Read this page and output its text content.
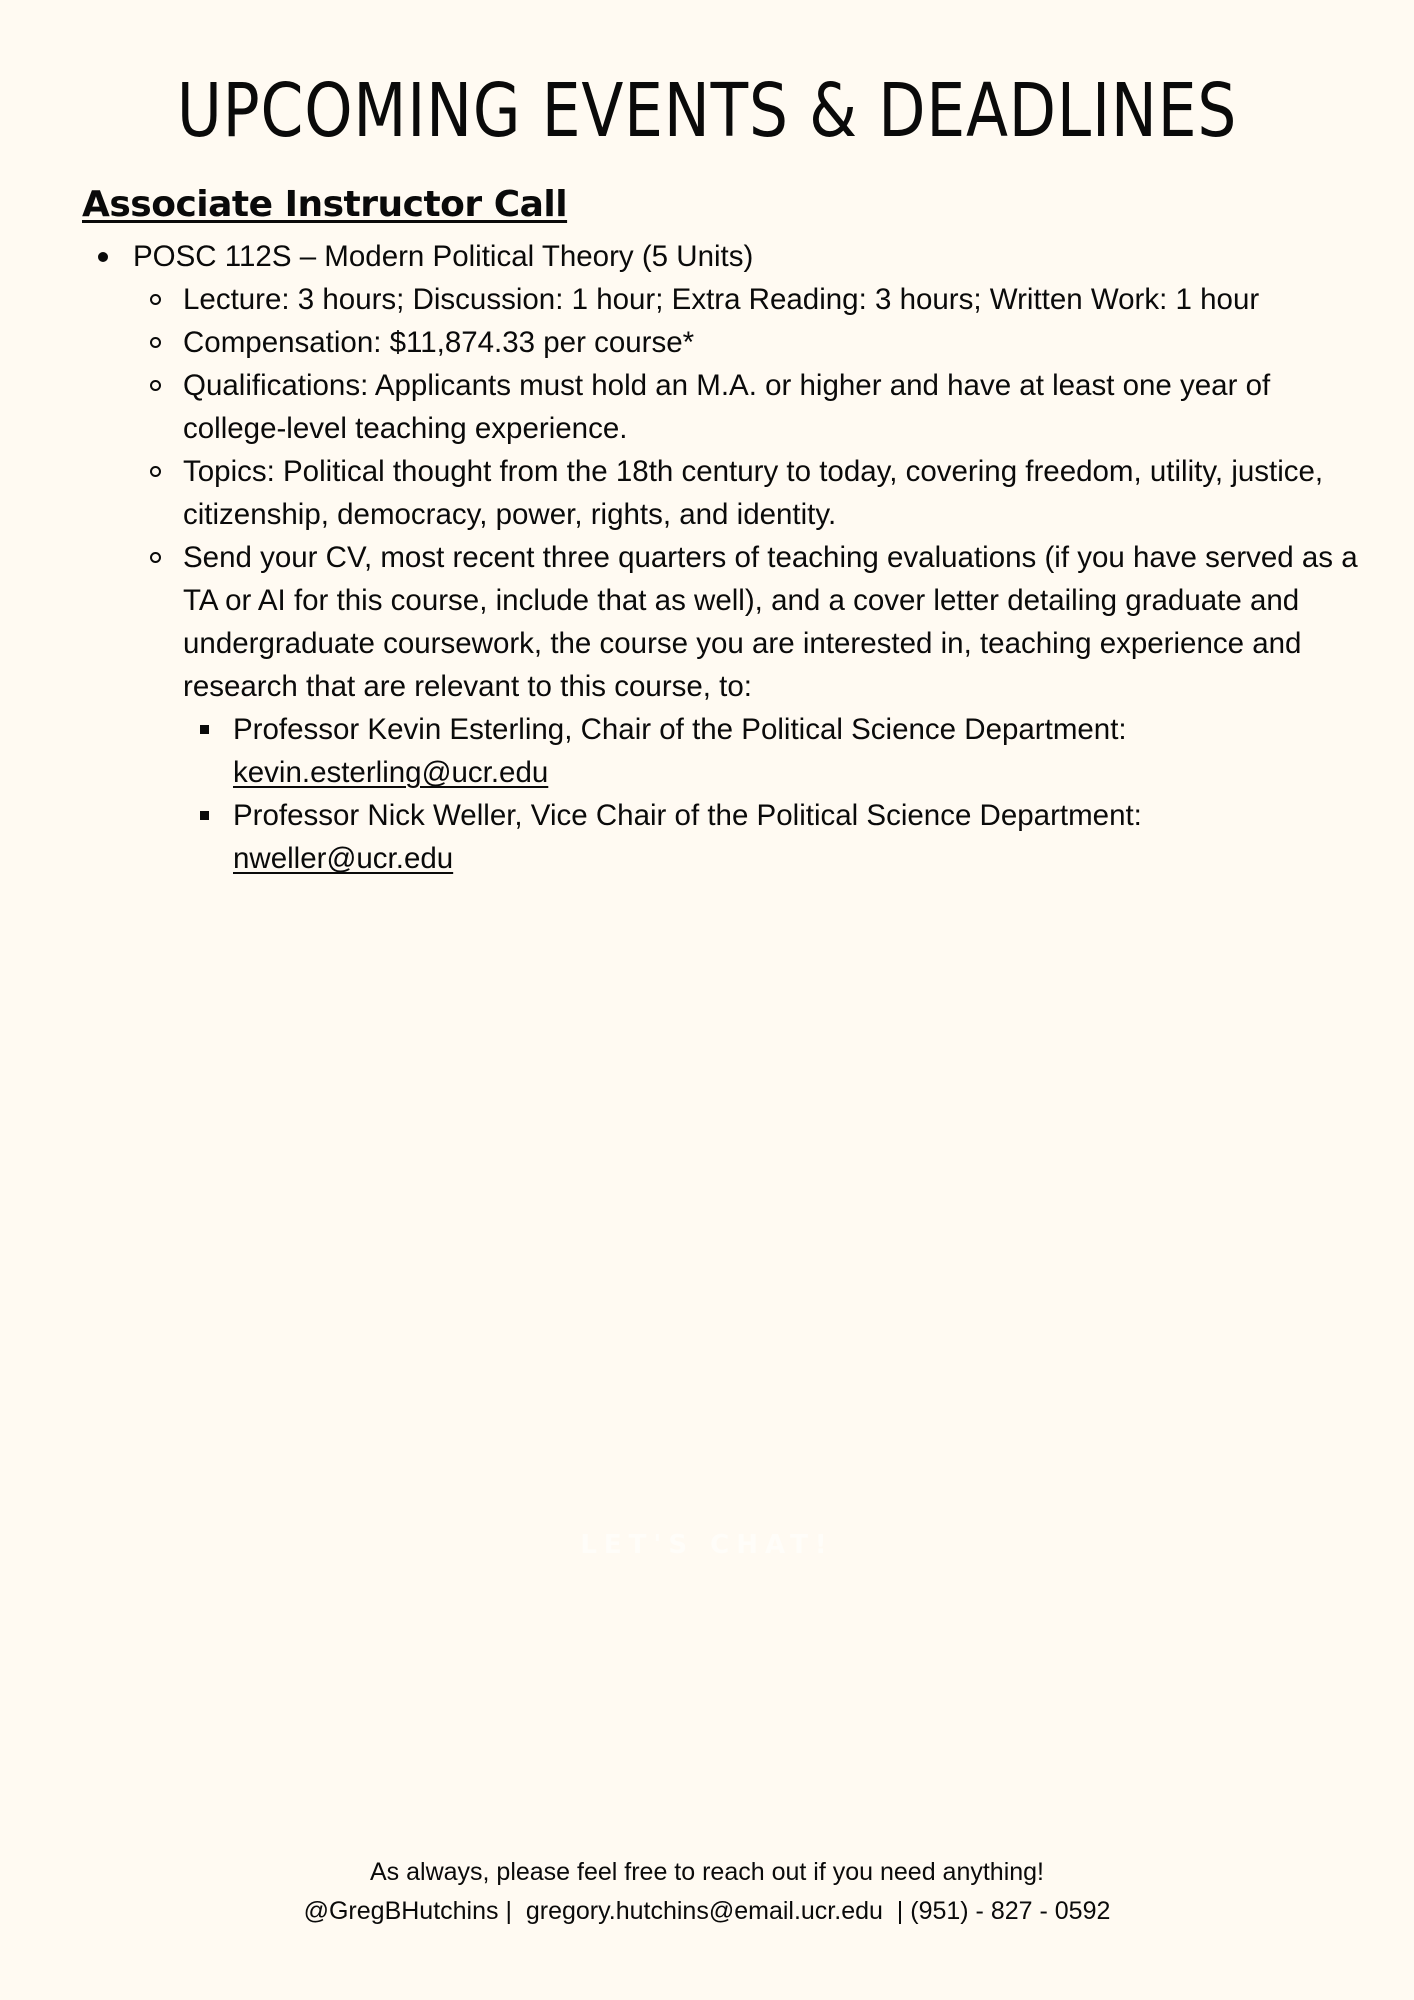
UPCOMING EVENTS & DEADLINES
Associate Instructor Call
POSC 112S – Modern Political Theory (5 Units)
Lecture: 3 hours; Discussion: 1 hour; Extra Reading: 3 hours; Written Work: 1 hour
Compensation: $11,874.33 per course*
Qualifications: Applicants must hold an M.A. or higher and have at least one year of college-level teaching experience.
Topics: Political thought from the 18th century to today, covering freedom, utility, justice, citizenship, democracy, power, rights, and identity.
Send your CV, most recent three quarters of teaching evaluations (if you have served as a TA or AI for this course, include that as well), and a cover letter detailing graduate and undergraduate coursework, the course you are interested in, teaching experience and research that are relevant to this course, to:
Professor Kevin Esterling, Chair of the Political Science Department:
kevin.esterling@ucr.edu
Professor Nick Weller, Vice Chair of the Political Science Department:
nweller@ucr.edu
LET'S CHAT!
As always, please feel free to reach out if you need anything!
@GregBHutchins |  gregory.hutchins@email.ucr.edu  | (951) - 827 - 0592
